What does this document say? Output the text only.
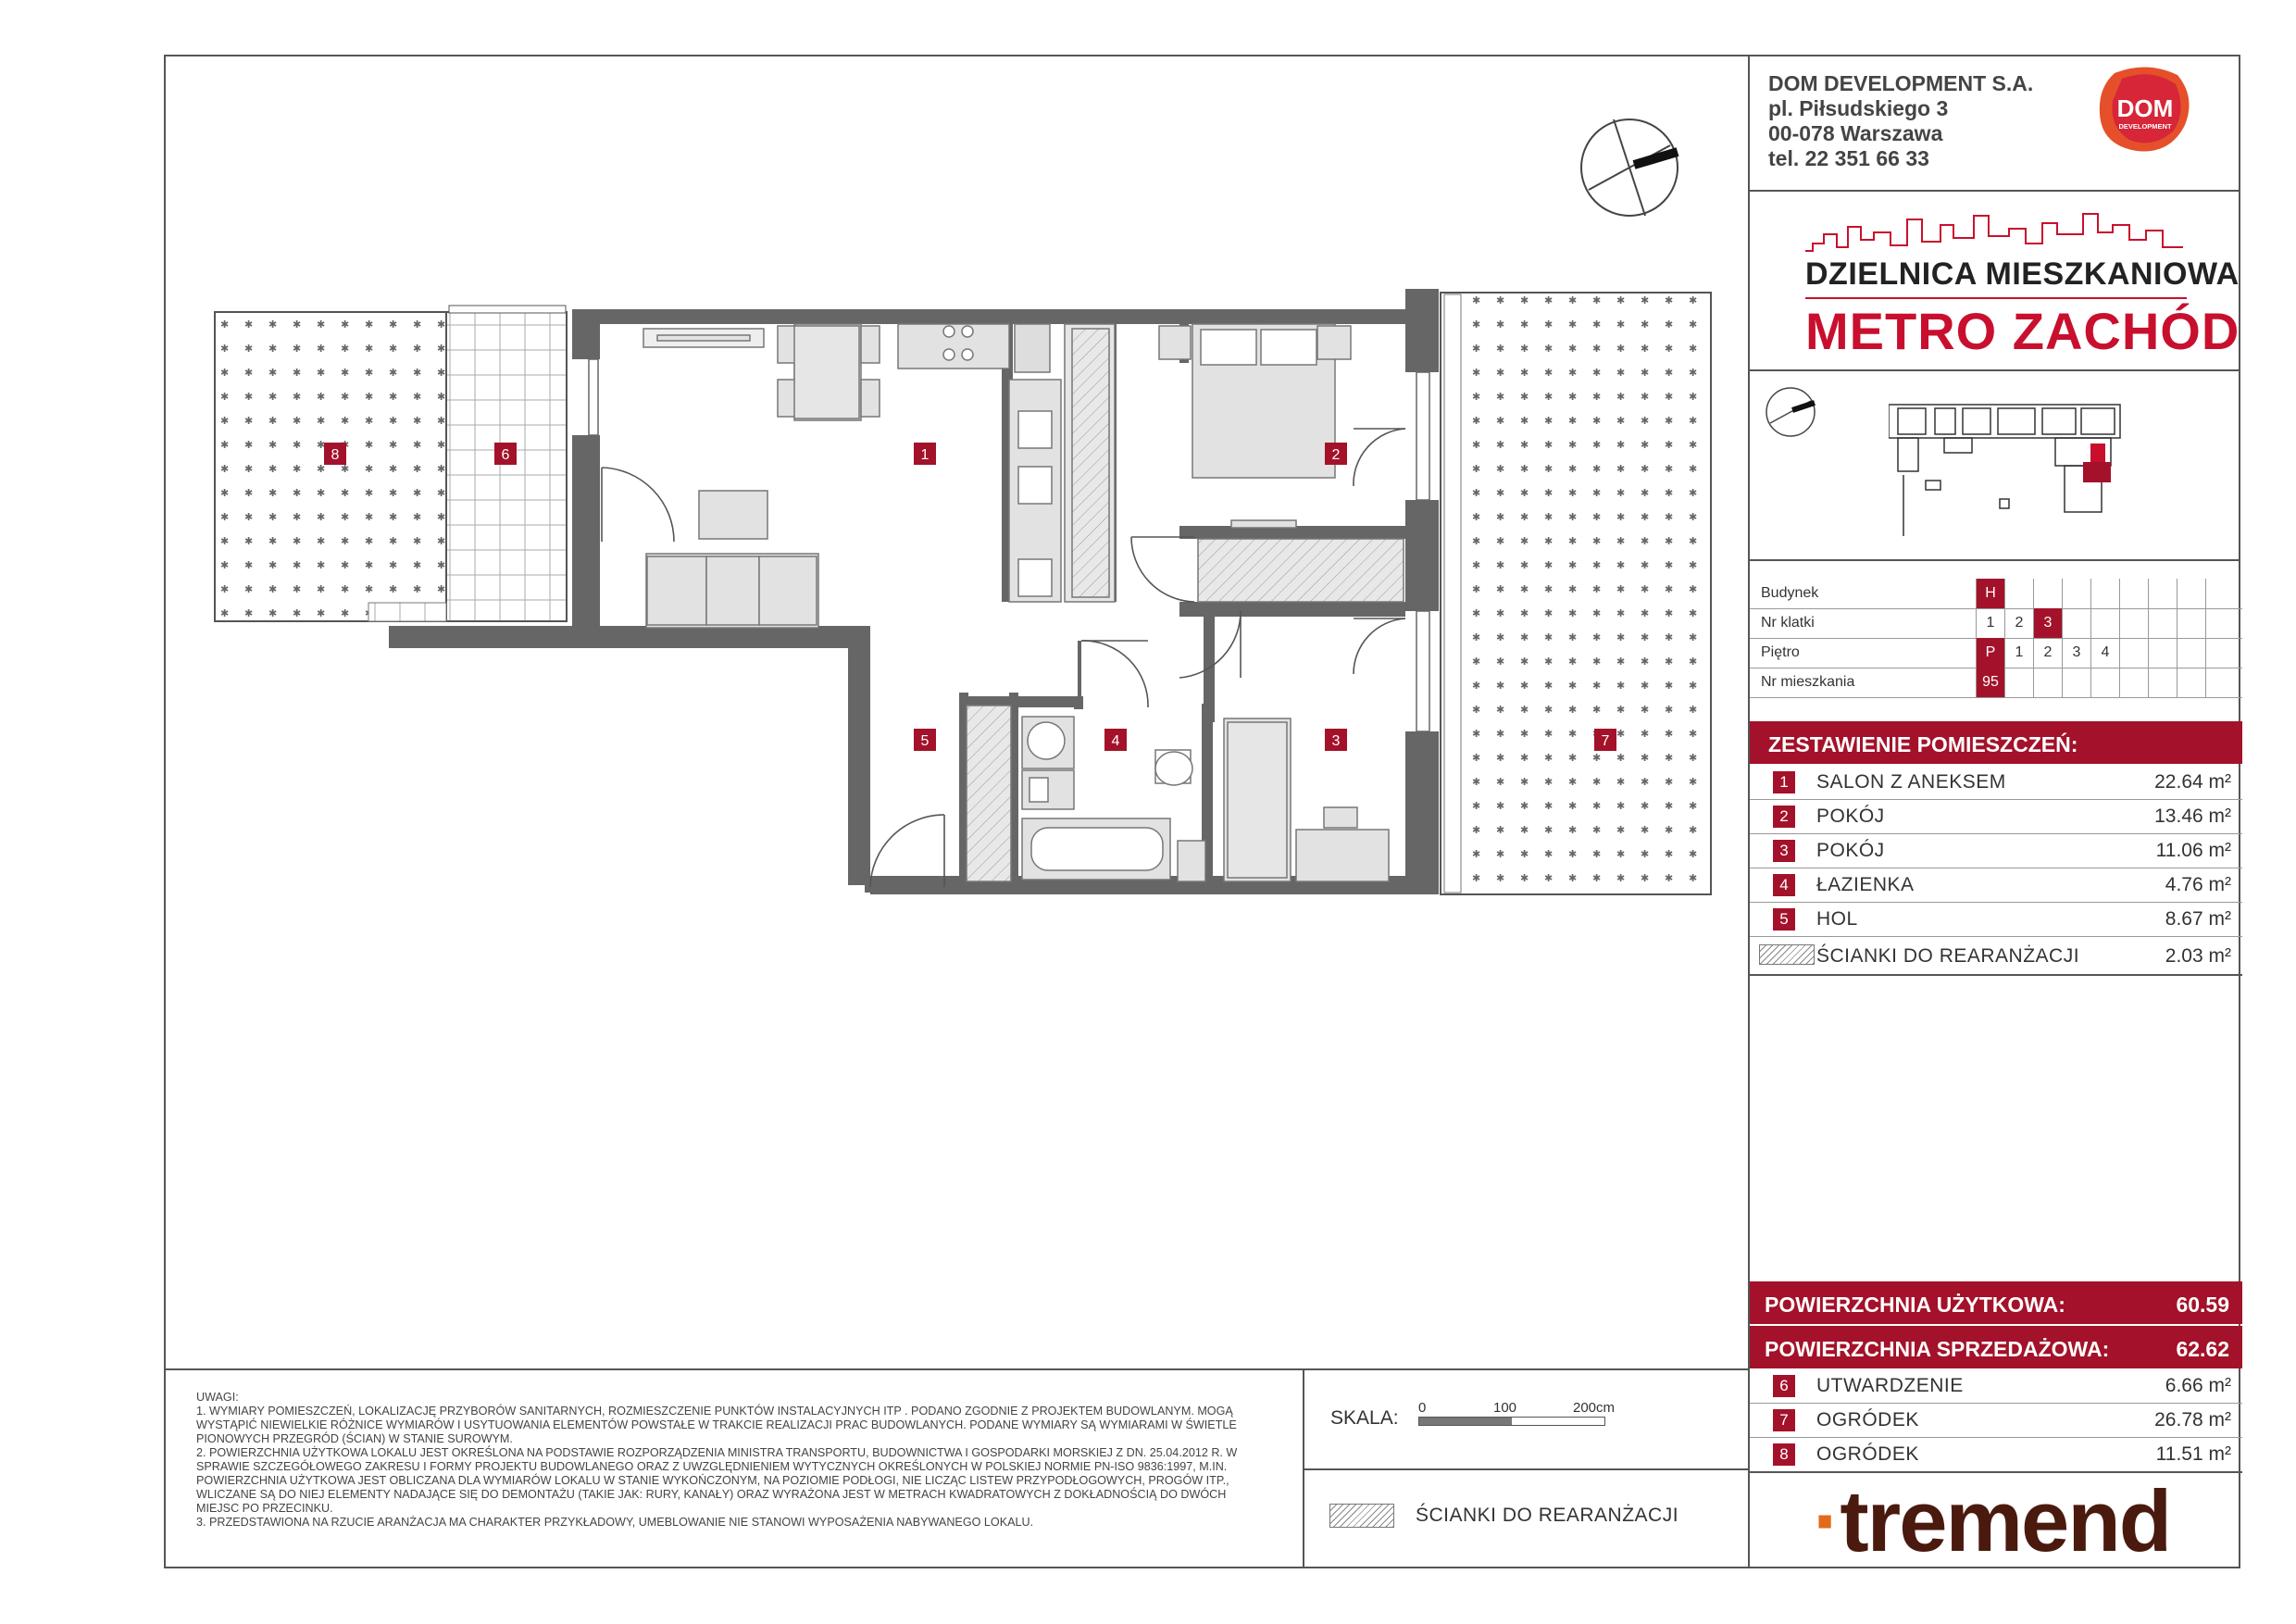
1	2
3
4
5
6
7
8
DOM DEVELOPMENT S.A.
pl. Piłsudskiego 3
00-078 Warszawa
tel. 22 351 66 33
DOM
DEVELOPMENT
DZIELNICA MIESZKANIOWA
METRO ZACHÓD
Budynek	H
Nr klatki	1	2	3
Piętro	P	1	2	3	4
Nr mieszkania	95
ZESTAWIENIE POMIESZCZEŃ:
1	SALON Z ANEKSEM	22.64 m²
2	POKÓJ	13.46 m²
3	POKÓJ	11.06 m²
4	ŁAZIENKA	4.76 m²
5	HOL	8.67 m²
ŚCIANKI DO REARANŻACJI	2.03 m²
POWIERZCHNIA UŻYTKOWA:	60.59
POWIERZCHNIA SPRZEDAŻOWA:	62.62
6	UTWARDZENIE	6.66 m²
7	OGRÓDEK	26.78 m²
8	OGRÓDEK	11.51 m²
·tremend
UWAGI:
1. WYMIARY POMIESZCZEŃ, LOKALIZACJĘ PRZYBORÓW SANITARNYCH, ROZMIESZCZENIE PUNKTÓW INSTALACYJNYCH ITP . PODANO ZGODNIE Z PROJEKTEM BUDOWLANYM. MOGĄ
WYSTĄPIĆ NIEWIELKIE RÓŻNICE WYMIARÓW I USYTUOWANIA ELEMENTÓW POWSTAŁE W TRAKCIE REALIZACJI PRAC BUDOWLANYCH. PODANE WYMIARY SĄ WYMIARAMI W ŚWIETLE
PIONOWYCH PRZEGRÓD (ŚCIAN) W STANIE SUROWYM.
2. POWIERZCHNIA UŻYTKOWA LOKALU JEST OKREŚLONA NA PODSTAWIE ROZPORZĄDZENIA MINISTRA TRANSPORTU, BUDOWNICTWA I GOSPODARKI MORSKIEJ Z DN. 25.04.2012 R. W
SPRAWIE SZCZEGÓŁOWEGO ZAKRESU I FORMY PROJEKTU BUDOWLANEGO ORAZ Z UWZGLĘDNIENIEM WYTYCZNYCH OKREŚLONYCH W POLSKIEJ NORMIE PN-ISO 9836:1997, M.IN.
POWIERZCHNIA UŻYTKOWA JEST OBLICZANA DLA WYMIARÓW LOKALU W STANIE WYKOŃCZONYM, NA POZIOMIE PODŁOGI, NIE LICZĄC LISTEW PRZYPODŁOGOWYCH, PROGÓW ITP.,
WLICZANE SĄ DO NIEJ ELEMENTY NADAJĄCE SIĘ DO DEMONTAŻU (TAKIE JAK: RURY, KANAŁY) ORAZ WYRAŻONA JEST W METRACH KWADRATOWYCH Z DOKŁADNOŚCIĄ DO DWÓCH
MIEJSC PO PRZECINKU.
3. PRZEDSTAWIONA NA RZUCIE ARANŻACJA MA CHARAKTER PRZYKŁADOWY, UMEBLOWANIE NIE STANOWI WYPOSAŻENIA NABYWANEGO LOKALU.
SKALA: 0	100	200cm
ŚCIANKI DO REARANŻACJI
